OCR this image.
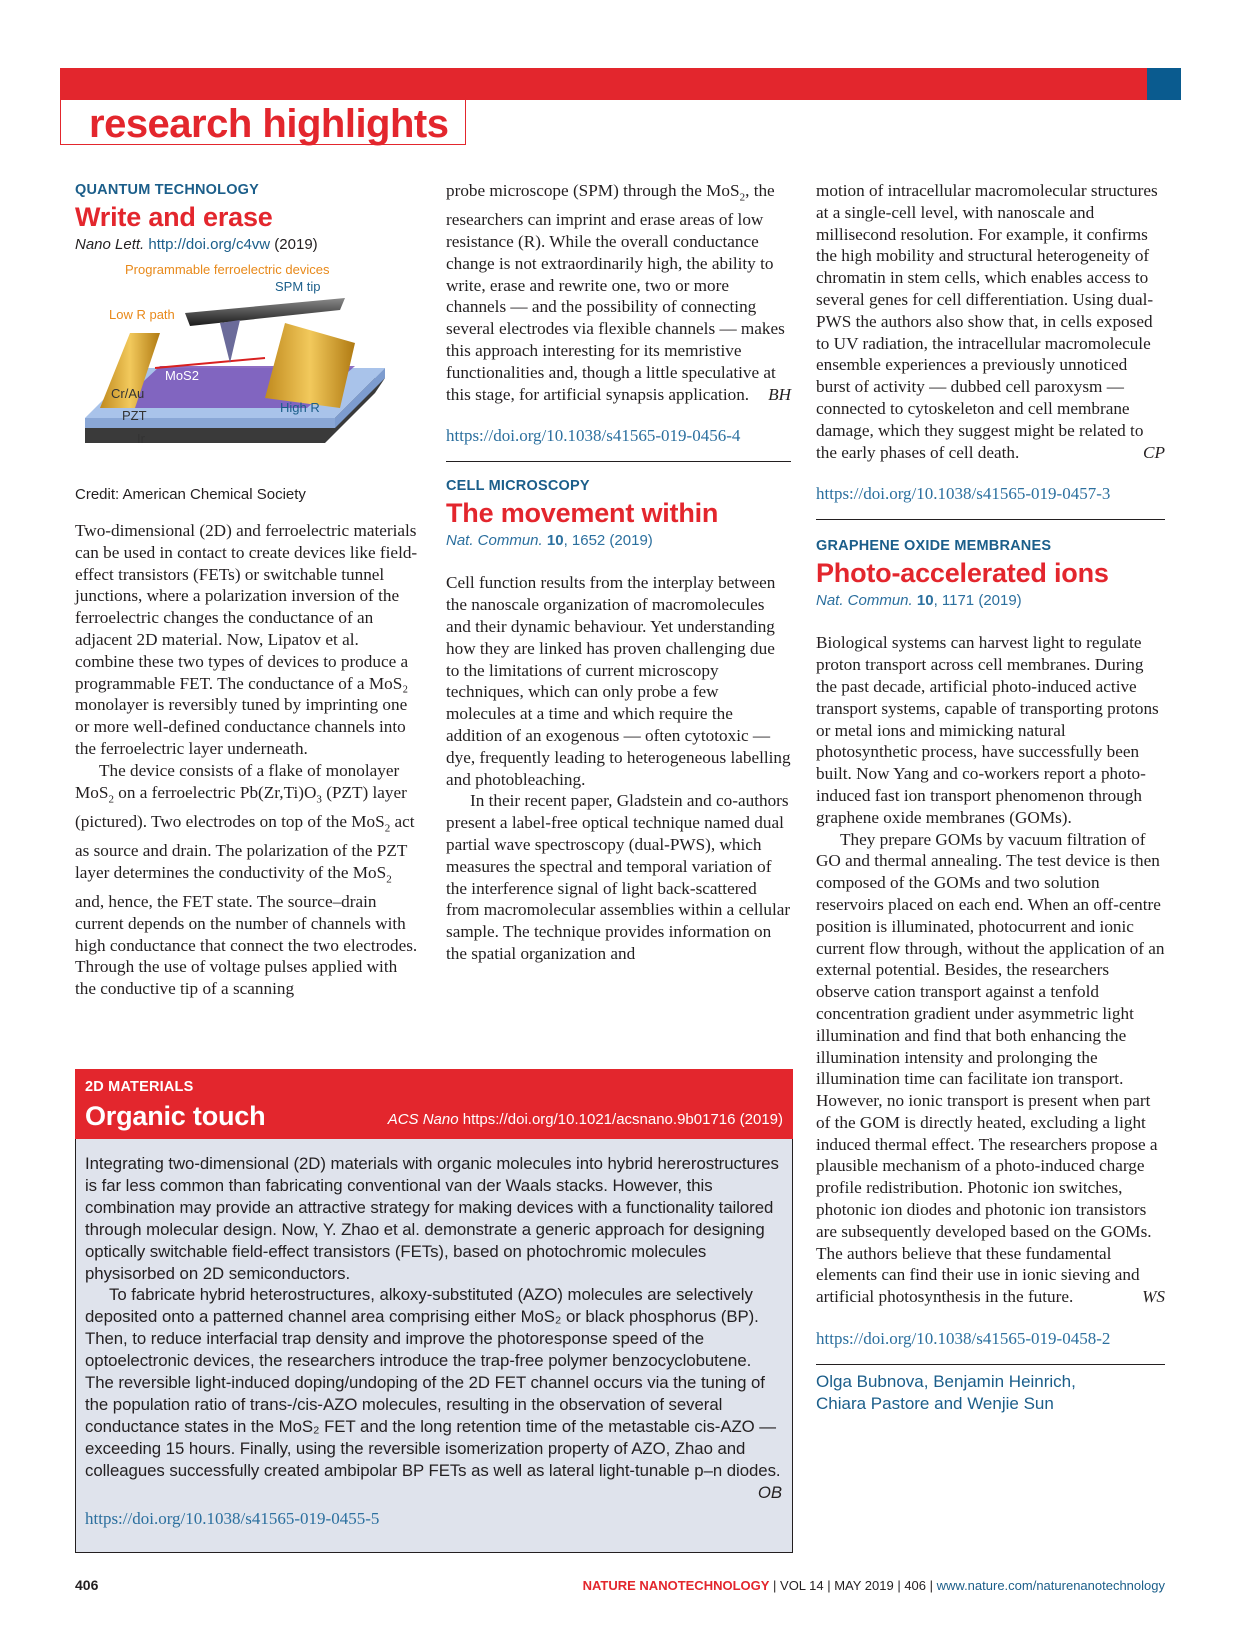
research highlights
QUANTUM TECHNOLOGY
Write and erase
Nano Lett. http://doi.org/c4vw (2019)
Programmable ferroelectric devices
SPM tip
Low R path
MoS2
Cr/Au
High R
PZT
Ir
Credit: American Chemical Society

Two-dimensional (2D) and ferroelectric materials can be used in contact to create devices like field-effect transistors (FETs) or switchable tunnel junctions, where a polarization inversion of the ferroelectric changes the conductance of an adjacent 2D material. Now, Lipatov et al. combine these two types of devices to produce a programmable FET. The conductance of a MoS₂ monolayer is reversibly tuned by imprinting one or more well-defined conductance channels into the ferroelectric layer underneath.

The device consists of a flake of monolayer MoS$_2$ on a ferroelectric $Pb(Zr,Ti)O_3$ (PZT) layer (pictured). Two electrodes on top of the MoS$_2$ act as source and drain. The polarization of the PZT layer determines the conductivity of the MoS$_2$ and, hence, the FET state. The source–drain current depends on the number of channels with high conductance that connect the two electrodes. Through the use of voltage pulses applied with the conductive tip of a scanning

probe microscope (SPM) through the MoS$_2$, the researchers can imprint and erase areas of low resistance (R). While the overall conductance change is not extraordinarily high, the ability to write, erase and rewrite one, two or more channels — and the possibility of connecting several electrodes via flexible channels — makes this approach interesting for its memristive functionalities and, though a little speculative at this stage, for artificial synapsis application. BH

https://doi.org/10.1038/s41565-019-0456-4
CELL MICROSCOPY
The movement within
Nat. Commun. 10, 1652 (2019)

Cell function results from the interplay between the nanoscale organization of macromolecules and their dynamic behaviour. Yet understanding how they are linked has proven challenging due to the limitations of current microscopy techniques, which can only probe a few molecules at a time and which require the addition of an exogenous — often cytotoxic — dye, frequently leading to heterogeneous labelling and photobleaching.

In their recent paper, Gladstein and co-authors present a label-free optical technique named dual partial wave spectroscopy (dual-PWS), which measures the spectral and temporal variation of the interference signal of light back-scattered from macromolecular assemblies within a cellular sample. The technique provides information on the spatial organization and

motion of intracellular macromolecular structures at a single-cell level, with nanoscale and millisecond resolution. For example, it confirms the high mobility and structural heterogeneity of chromatin in stem cells, which enables access to several genes for cell differentiation. Using dual-PWS the authors also show that, in cells exposed to UV radiation, the intracellular macromolecule ensemble experiences a previously unnoticed burst of activity — dubbed cell paroxysm — connected to cytoskeleton and cell membrane damage, which they suggest might be related to the early phases of cell death.	CP

https://doi.org/10.1038/s41565-019-0457-3
GRAPHENE OXIDE MEMBRANES
Photo-accelerated ions
Nat. Commun. 10, 1171 (2019)

Biological systems can harvest light to regulate proton transport across cell membranes. During the past decade, artificial photo-induced active transport systems, capable of transporting protons or metal ions and mimicking natural photosynthetic process, have successfully been built. Now Yang and co-workers report a photo-induced fast ion transport phenomenon through graphene oxide membranes (GOMs).

They prepare GOMs by vacuum filtration of GO and thermal annealing. The test device is then composed of the GOMs and two solution reservoirs placed on each end. When an off-centre position is illuminated, photocurrent and ionic current flow through, without the application of an external potential. Besides, the researchers observe cation transport against a tenfold concentration gradient under asymmetric light illumination and find that both enhancing the illumination intensity and prolonging the illumination time can facilitate ion transport. However, no ionic transport is present when part of the GOM is directly heated, excluding a light induced thermal effect. The researchers propose a plausible mechanism of a photo-induced charge profile redistribution. Photonic ion switches, photonic ion diodes and photonic ion transistors are subsequently developed based on the GOMs. The authors believe that these fundamental elements can find their use in ionic sieving and artificial photosynthesis in the future.	WS

https://doi.org/10.1038/s41565-019-0458-2
Olga Bubnova, Benjamin Heinrich,
Chiara Pastore and Wenjie Sun
2D MATERIALS
Organic touch	ACS Nano https://doi.org/10.1021/acsnano.9b01716 (2019)

Integrating two-dimensional (2D) materials with organic molecules into hybrid hererostructures is far less common than fabricating conventional van der Waals stacks. However, this combination may provide an attractive strategy for making devices with a functionality tailored through molecular design. Now, Y. Zhao et al. demonstrate a generic approach for designing optically switchable field-effect transistors (FETs), based on photochromic molecules physisorbed on 2D semiconductors.

To fabricate hybrid heterostructures, alkoxy-substituted (AZO) molecules are selectively deposited onto a patterned channel area comprising either MoS₂ or black phosphorus (BP). Then, to reduce interfacial trap density and improve the photoresponse speed of the optoelectronic devices, the researchers introduce the trap-free polymer benzocyclobutene. The reversible light-induced doping/undoping of the 2D FET channel occurs via the tuning of the population ratio of trans-/cis-AZO molecules, resulting in the observation of several conductance states in the MoS₂ FET and the long retention time of the metastable cis-AZO — exceeding 15 hours. Finally, using the reversible isomerization property of AZO, Zhao and colleagues successfully created ambipolar BP FETs as well as lateral light-tunable p–n diodes.
OB

https://doi.org/10.1038/s41565-019-0455-5
406	NATURE NANOTECHNOLOGY | VOL 14 | MAY 2019 | 406 | www.nature.com/naturenanotechnology
